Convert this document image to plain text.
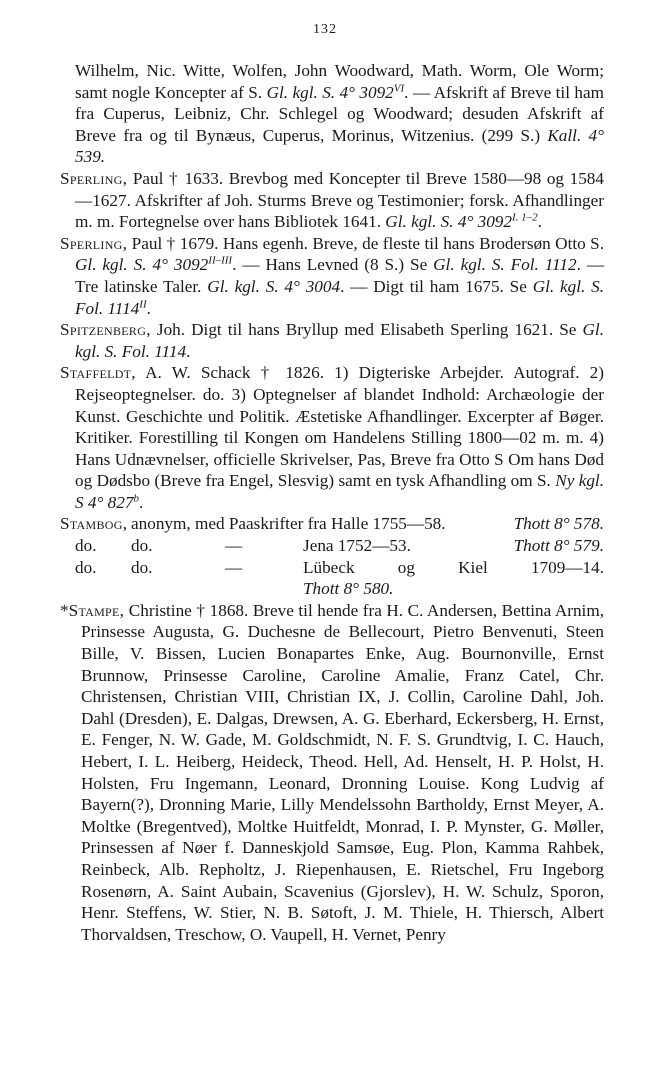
132
Wilhelm, Nic. Witte, Wolfen, John Woodward, Math. Worm, Ole Worm; samt nogle Koncepter af S. Gl. kgl. S. 4° $3092^{VI}$. — Afskrift af Breve til ham fra Cuperus, Leibniz, Chr. Schlegel og Woodward; desuden Afskrift af Breve fra og til Bynæus, Cuperus, Morinus, Witzenius. (299 S.) Kall. 4° 539.
Sperling, Paul † 1633. Brevbog med Koncepter til Breve 1580—98 og 1584—1627. Afskrifter af Joh. Sturms Breve og Testimonier; forsk. Afhandlinger m. m. Fortegnelse over hans Bibliotek 1641. Gl. kgl. S. 4° $3092^{I. 1-2}$.
Sperling, Paul † 1679. Hans egenh. Breve, de fleste til hans Brodersøn Otto S. Gl. kgl. S. 4° $3092^{II-III}$. — Hans Levned (8 S.) Se Gl. kgl. S. Fol. 1112. — Tre latinske Taler. Gl. kgl. S. 4° 3004. — Digt til ham 1675. Se Gl. kgl. S. Fol. $1114^{II}$.
Spitzenberg, Joh. Digt til hans Bryllup med Elisabeth Sperling 1621. Se Gl. kgl. S. Fol. 1114.
Staffeldt, A. W. Schack † 1826. 1) Digteriske Arbejder. Autograf. 2) Rejseoptegnelser. do. 3) Optegnelser af blandet Indhold: Archæologie der Kunst. Geschichte und Politik. Æstetiske Afhandlinger. Excerpter af Bøger. Kritiker. Forestilling til Kongen om Handelens Stilling 1800—02 m. m. 4) Hans Udnævnelser, officielle Skrivelser, Pas, Breve fra Otto S Om hans Død og Dødsbo (Breve fra Engel, Slesvig) samt en tysk Afhandling om S. Ny kgl. S 4° 827$^b$.
Stambog, anonym, med Paaskrifter fra Halle 1755—58.	Thott 8° 578.
do.	do.	—	Jena 1752—53.	Thott 8° 579.
do.	do.	—	Lübeck og Kiel 1709—14.
Thott 8° 580.
*Stampe, Christine † 1868. Breve til hende fra H. C. Andersen, Bettina Arnim, Prinsesse Augusta, G. Duchesne de Bellecourt, Pietro Benvenuti, Steen Bille, V. Bissen, Lucien Bonapartes Enke, Aug. Bournonville, Ernst Brunnow, Prinsesse Caroline, Caroline Amalie, Franz Catel, Chr. Christensen, Christian VIII, Christian IX, J. Collin, Caroline Dahl, Joh. Dahl (Dresden), E. Dalgas, Drewsen, A. G. Eberhard, Eckersberg, H. Ernst, E. Fenger, N. W. Gade, M. Goldschmidt, N. F. S. Grundtvig, I. C. Hauch, Hebert, I. L. Heiberg, Heideck, Theod. Hell, Ad. Henselt, H. P. Holst, H. Holsten, Fru Ingemann, Leonard, Dronning Louise. Kong Ludvig af Bayern(?), Dronning Marie, Lilly Mendelssohn Bartholdy, Ernst Meyer, A. Moltke (Bregentved), Moltke Huitfeldt, Monrad, I. P. Mynster, G. Møller, Prinsessen af Nøer f. Danneskjold Samsøe, Eug. Plon, Kamma Rahbek, Reinbeck, Alb. Repholtz, J. Riepenhausen, E. Rietschel, Fru Ingeborg Rosenørn, A. Saint Aubain, Scavenius (Gjorslev), H. W. Schulz, Sporon, Henr. Steffens, W. Stier, N. B. Søtoft, J. M. Thiele, H. Thiersch, Albert Thorvaldsen, Treschow, O. Vaupell, H. Vernet, Penry
